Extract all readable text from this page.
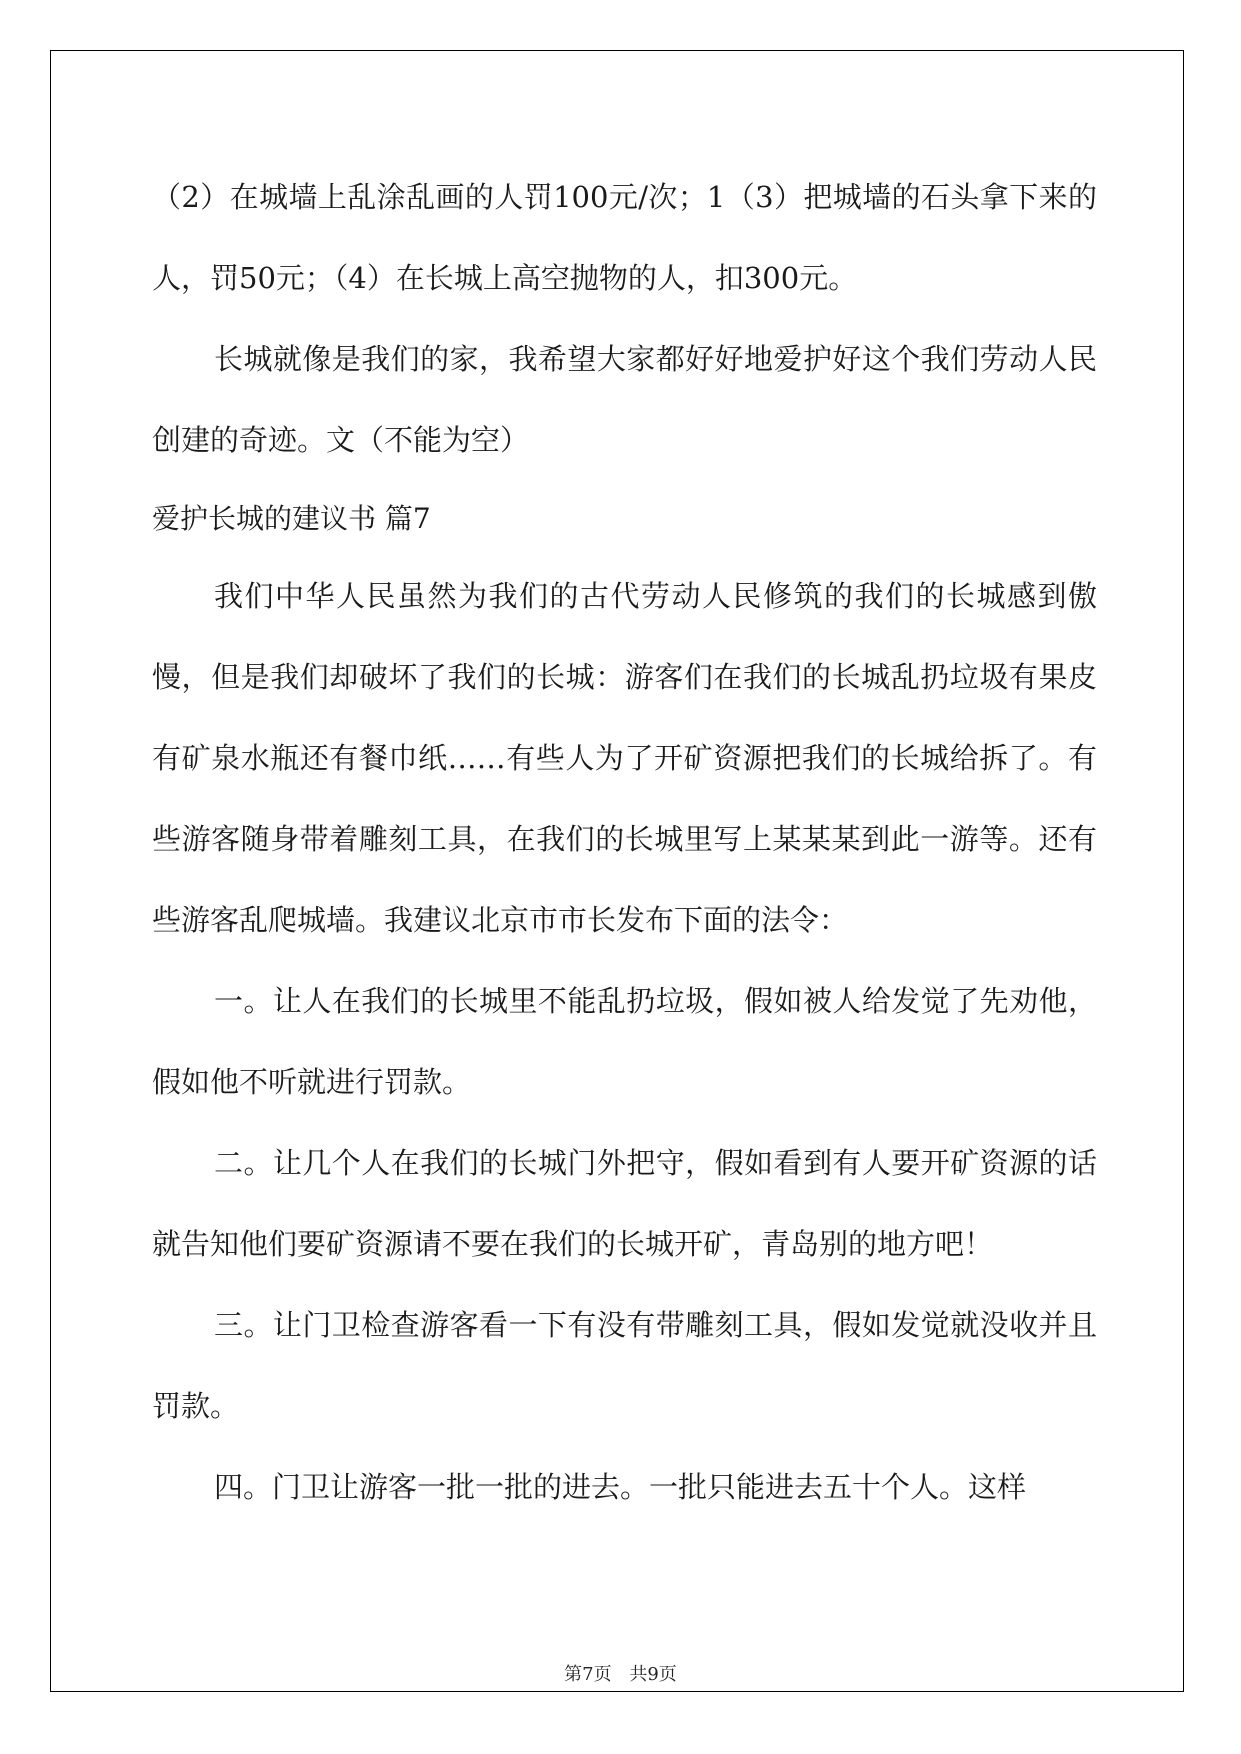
（2）在城墙上乱涂乱画的人罚100元/次；1（3）把城墙的石头拿下来的人，罚50元；（4）在长城上高空抛物的人，扣300元。

长城就像是我们的家，我希望大家都好好地爱护好这个我们劳动人民创建的奇迹。文（不能为空）

爱护长城的建议书 篇7

我们中华人民虽然为我们的古代劳动人民修筑的我们的长城感到傲慢，但是我们却破坏了我们的长城：游客们在我们的长城乱扔垃圾有果皮有矿泉水瓶还有餐巾纸……有些人为了开矿资源把我们的长城给拆了。有些游客随身带着雕刻工具，在我们的长城里写上某某某到此一游等。还有些游客乱爬城墙。我建议北京市市长发布下面的法令：

一。让人在我们的长城里不能乱扔垃圾，假如被人给发觉了先劝他，假如他不听就进行罚款。

二。让几个人在我们的长城门外把守，假如看到有人要开矿资源的话就告知他们要矿资源请不要在我们的长城开矿，青岛别的地方吧！

三。让门卫检查游客看一下有没有带雕刻工具，假如发觉就没收并且罚款。

四。门卫让游客一批一批的进去。一批只能进去五十个人。这样

第7页 共9页
